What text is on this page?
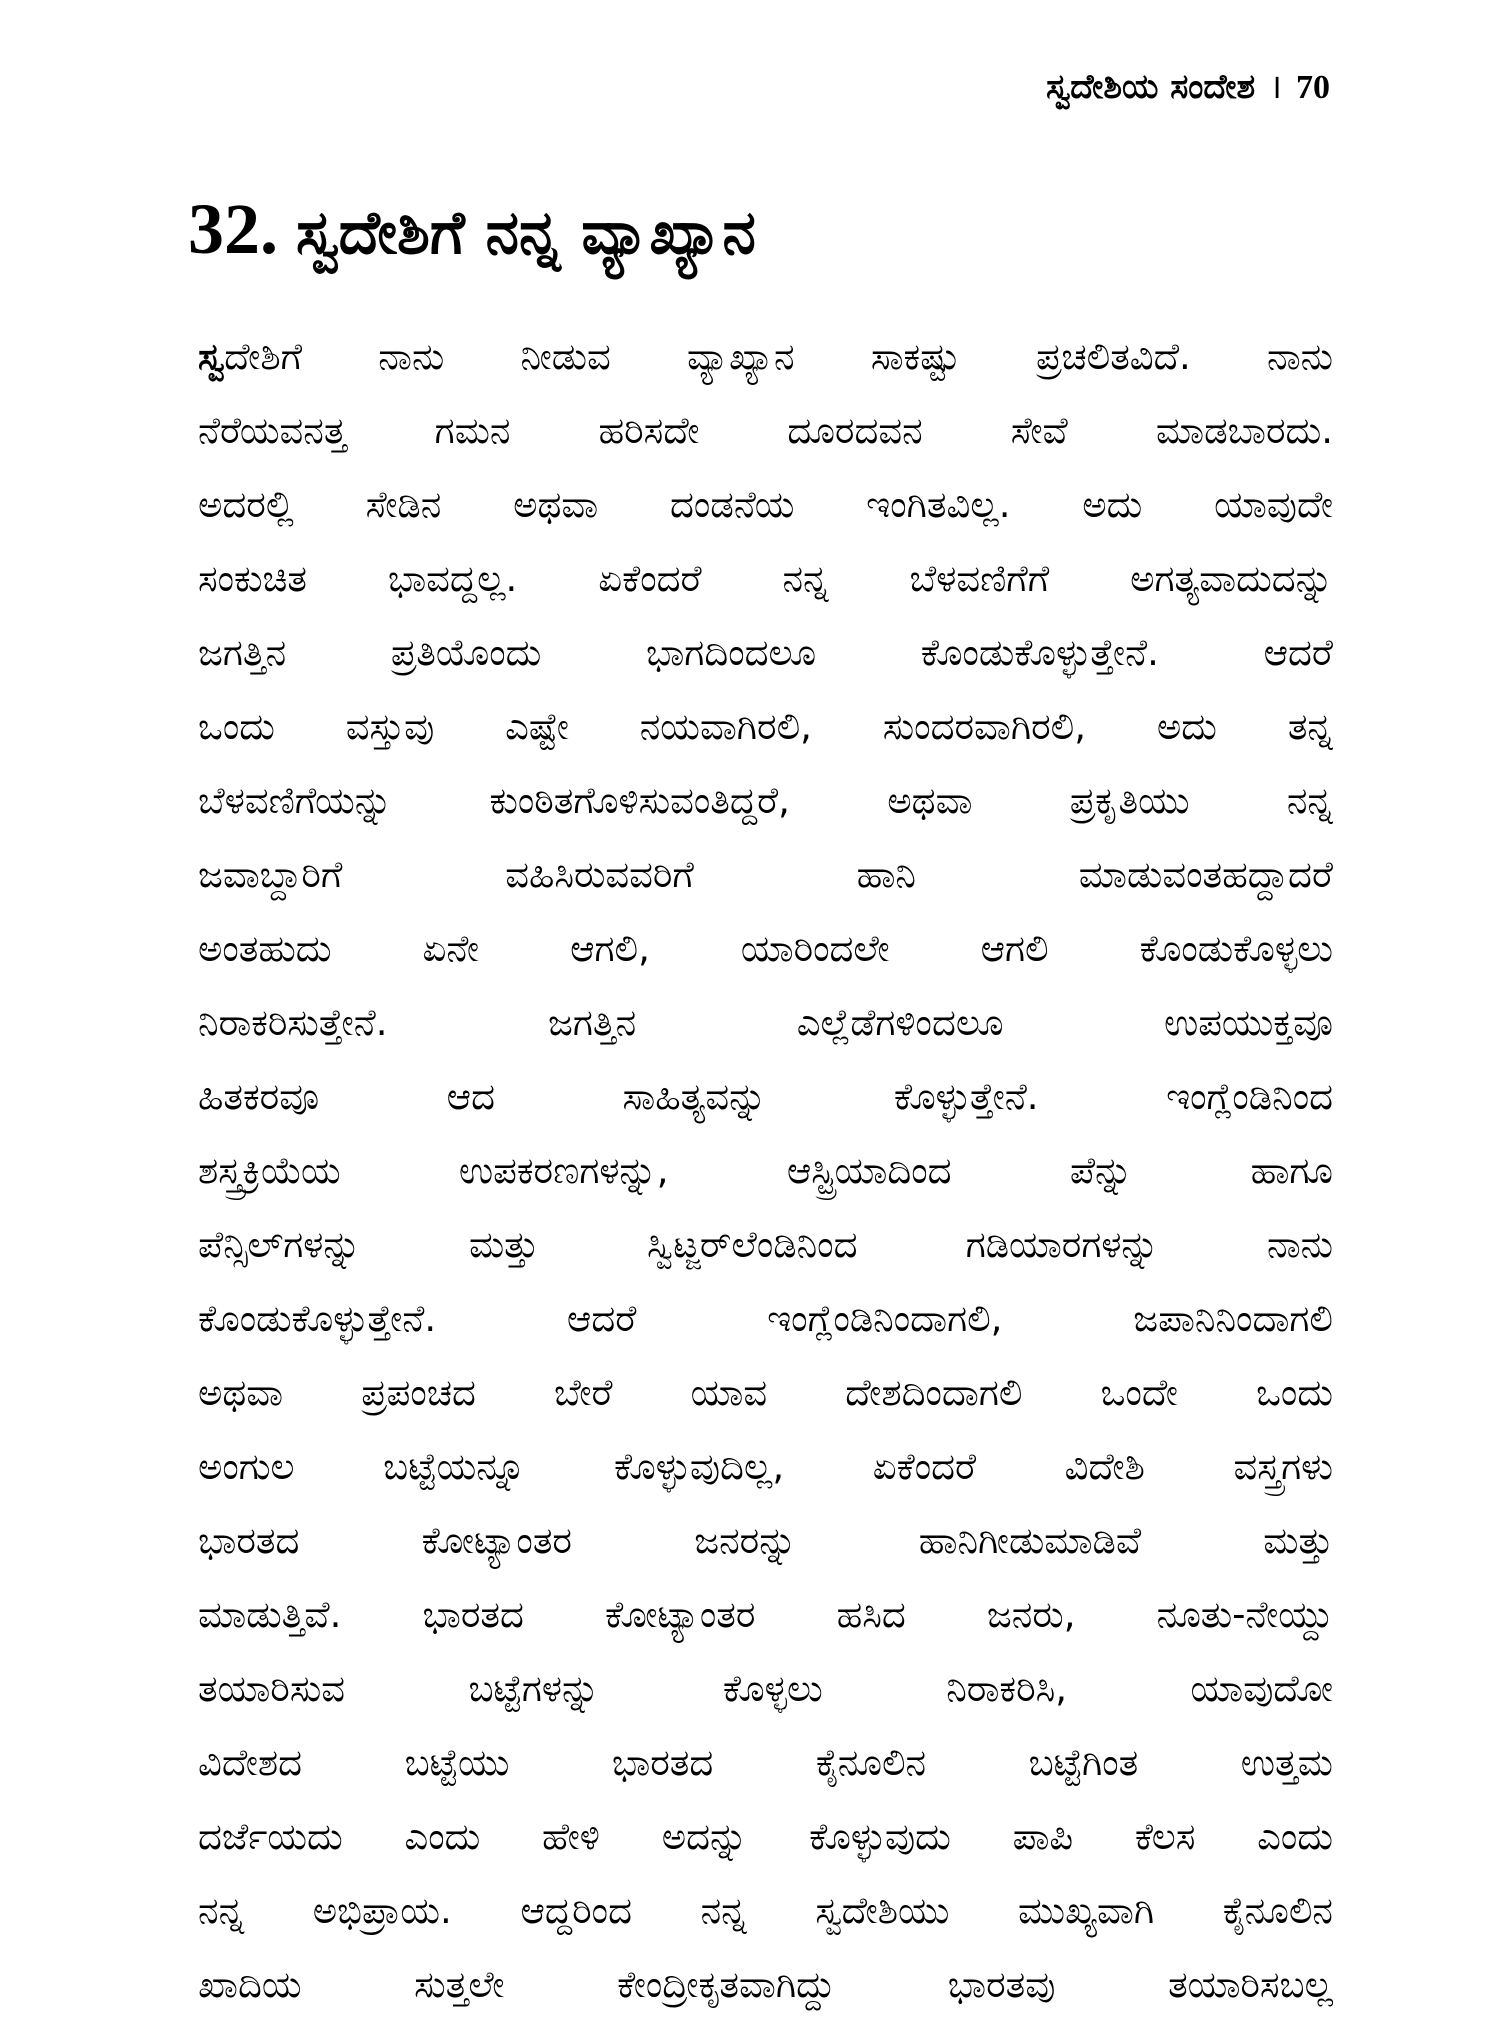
ಸ್ವದೇಶಿಯ ಸಂದೇಶ । 70
32. ಸ್ವದೇಶಿಗೆ ನನ್ನ ವ್ಯಾಖ್ಯಾನ
ಸ್ವದೇಶಿಗೆ ನಾನು ನೀಡುವ ವ್ಯಾಖ್ಯಾನ ಸಾಕಷ್ಟು ಪ್ರಚಲಿತವಿದೆ. ನಾನು
ನೆರೆಯವನತ್ತ ಗಮನ ಹರಿಸದೇ ದೂರದವನ ಸೇವೆ ಮಾಡಬಾರದು.
ಅದರಲ್ಲಿ ಸೇಡಿನ ಅಥವಾ ದಂಡನೆಯ ಇಂಗಿತವಿಲ್ಲ. ಅದು ಯಾವುದೇ
ಸಂಕುಚಿತ ಭಾವದ್ದಲ್ಲ. ಏಕೆಂದರೆ ನನ್ನ ಬೆಳವಣಿಗೆಗೆ ಅಗತ್ಯವಾದುದನ್ನು
ಜಗತ್ತಿನ ಪ್ರತಿಯೊಂದು ಭಾಗದಿಂದಲೂ ಕೊಂಡುಕೊಳ್ಳುತ್ತೇನೆ. ಆದರೆ
ಒಂದು ವಸ್ತುವು ಎಷ್ಟೇ ನಯವಾಗಿರಲಿ, ಸುಂದರವಾಗಿರಲಿ, ಅದು ತನ್ನ
ಬೆಳವಣಿಗೆಯನ್ನು ಕುಂಠಿತಗೊಳಿಸುವಂತಿದ್ದರೆ, ಅಥವಾ ಪ್ರಕೃತಿಯು ನನ್ನ
ಜವಾಬ್ದಾರಿಗೆ ವಹಿಸಿರುವವರಿಗೆ ಹಾನಿ ಮಾಡುವಂತಹದ್ದಾದರೆ
ಅಂತಹುದು ಏನೇ ಆಗಲಿ, ಯಾರಿಂದಲೇ ಆಗಲಿ ಕೊಂಡುಕೊಳ್ಳಲು
ನಿರಾಕರಿಸುತ್ತೇನೆ. ಜಗತ್ತಿನ ಎಲ್ಲೆಡೆಗಳಿಂದಲೂ ಉಪಯುಕ್ತವೂ
ಹಿತಕರವೂ ಆದ ಸಾಹಿತ್ಯವನ್ನು ಕೊಳ್ಳುತ್ತೇನೆ. ಇಂಗ್ಲೆಂಡಿನಿಂದ
ಶಸ್ತ್ರಕ್ರಿಯೆಯ ಉಪಕರಣಗಳನ್ನು, ಆಸ್ಟ್ರಿಯಾದಿಂದ ಪೆನ್ನು ಹಾಗೂ
ಪೆನ್ಸಿಲ್‌ಗಳನ್ನು ಮತ್ತು ಸ್ವಿಟ್ಜರ್‌ಲೆಂಡಿನಿಂದ ಗಡಿಯಾರಗಳನ್ನು ನಾನು
ಕೊಂಡುಕೊಳ್ಳುತ್ತೇನೆ. ಆದರೆ ಇಂಗ್ಲೆಂಡಿನಿಂದಾಗಲಿ, ಜಪಾನಿನಿಂದಾಗಲಿ
ಅಥವಾ ಪ್ರಪಂಚದ ಬೇರೆ ಯಾವ ದೇಶದಿಂದಾಗಲಿ ಒಂದೇ ಒಂದು
ಅಂಗುಲ ಬಟ್ಟೆಯನ್ನೂ ಕೊಳ್ಳುವುದಿಲ್ಲ, ಏಕೆಂದರೆ ವಿದೇಶಿ ವಸ್ತ್ರಗಳು
ಭಾರತದ ಕೋಟ್ಯಾಂತರ ಜನರನ್ನು ಹಾನಿಗೀಡುಮಾಡಿವೆ ಮತ್ತು
ಮಾಡುತ್ತಿವೆ. ಭಾರತದ ಕೋಟ್ಯಾಂತರ ಹಸಿದ ಜನರು, ನೂತು-ನೇಯ್ದು
ತಯಾರಿಸುವ ಬಟ್ಟೆಗಳನ್ನು ಕೊಳ್ಳಲು ನಿರಾಕರಿಸಿ, ಯಾವುದೋ
ವಿದೇಶದ ಬಟ್ಟೆಯು ಭಾರತದ ಕೈನೂಲಿನ ಬಟ್ಟೆಗಿಂತ ಉತ್ತಮ
ದರ್ಜೆಯದು ಎಂದು ಹೇಳಿ ಅದನ್ನು ಕೊಳ್ಳುವುದು ಪಾಪಿ ಕೆಲಸ ಎಂದು
ನನ್ನ ಅಭಿಪ್ರಾಯ. ಆದ್ದರಿಂದ ನನ್ನ ಸ್ವದೇಶಿಯು ಮುಖ್ಯವಾಗಿ ಕೈನೂಲಿನ
ಖಾದಿಯ ಸುತ್ತಲೇ ಕೇಂದ್ರೀಕೃತವಾಗಿದ್ದು ಭಾರತವು ತಯಾರಿಸಬಲ್ಲ
